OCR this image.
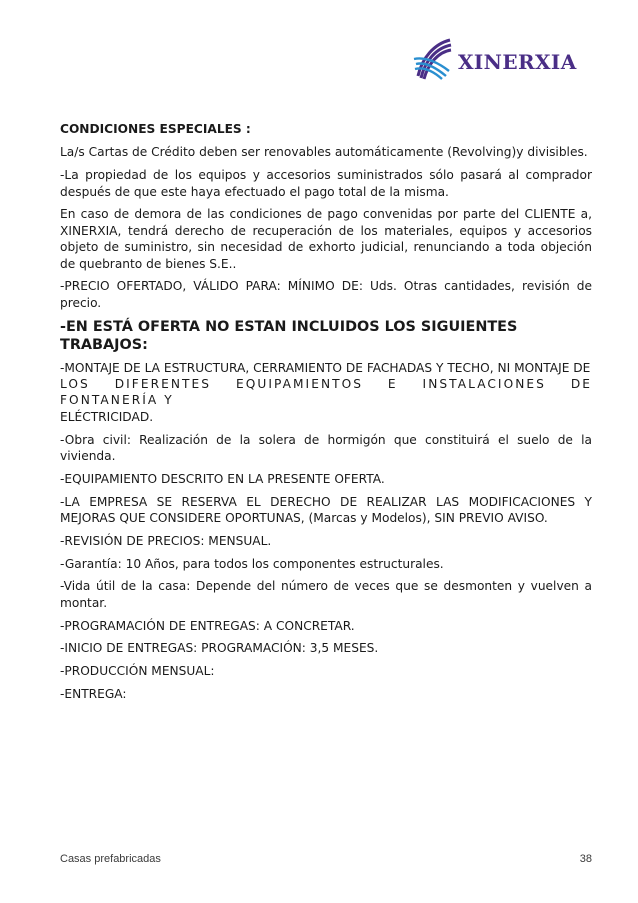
XINERXIA
CONDICIONES ESPECIALES :
La/s Cartas de Crédito deben ser renovables automáticamente (Revolving)y divisibles.
-La propiedad de los equipos y accesorios suministrados sólo pasará al comprador después de que este haya efectuado el pago total de la misma.
En caso de demora de las condiciones de pago convenidas por parte del CLIENTE a, XINERXIA, tendrá derecho de recuperación de los materiales, equipos y accesorios objeto de suministro, sin necesidad de exhorto judicial, renunciando a toda objeción de quebranto de bienes S.E..
-PRECIO OFERTADO, VÁLIDO PARA: MÍNIMO DE: Uds. Otras cantidades, revisión de precio.
-EN ESTÁ OFERTA NO ESTAN INCLUIDOS LOS SIGUIENTES TRABAJOS:
-MONTAJE DE LA ESTRUCTURA, CERRAMIENTO DE FACHADAS Y TECHO, NI MONTAJE DE
LOS DIFERENTES EQUIPAMIENTOS E INSTALACIONES DE FONTANERÍA Y
ELÉCTRICIDAD.
-Obra civil: Realización de la solera de hormigón que constituirá el suelo de la vivienda.
-EQUIPAMIENTO DESCRITO EN LA PRESENTE OFERTA.
-LA EMPRESA SE RESERVA EL DERECHO DE REALIZAR LAS MODIFICACIONES Y MEJORAS QUE CONSIDERE OPORTUNAS, (Marcas y Modelos), SIN PREVIO AVISO.
-REVISIÓN DE PRECIOS: MENSUAL.
-Garantía: 10 Años, para todos los componentes estructurales.
-Vida útil de la casa: Depende del número de veces que se desmonten y vuelven a montar.
-PROGRAMACIÓN DE ENTREGAS: A CONCRETAR.
-INICIO DE ENTREGAS: PROGRAMACIÓN: 3,5 MESES.
-PRODUCCIÓN MENSUAL:
-ENTREGA:
Casas prefabricadas	38
